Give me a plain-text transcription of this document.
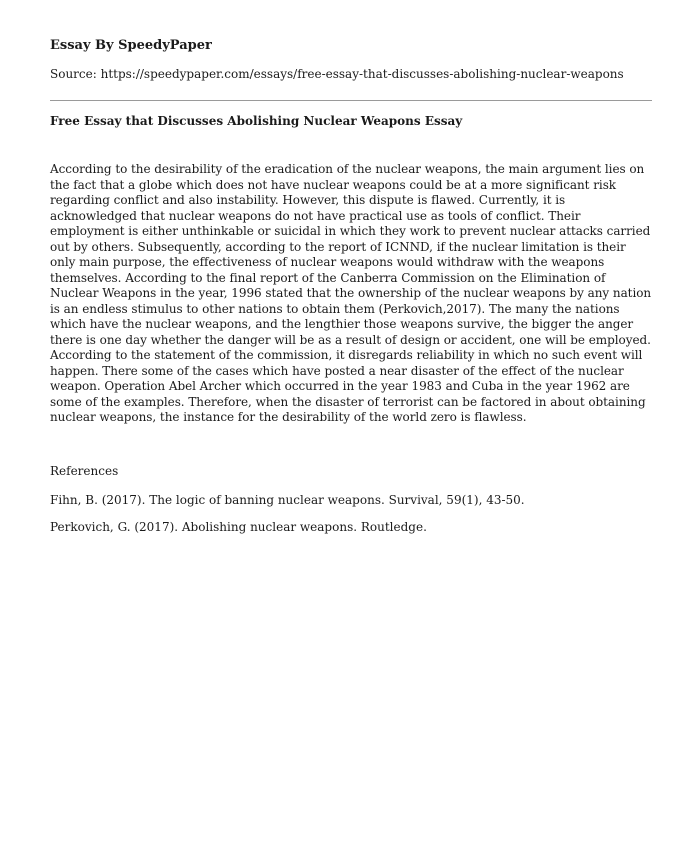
Essay By SpeedyPaper
Source: https://speedypaper.com/essays/free-essay-that-discusses-abolishing-nuclear-weapons
Free Essay that Discusses Abolishing Nuclear Weapons Essay
According to the desirability of the eradication of the nuclear weapons, the main argument lies on the fact that a globe which does not have nuclear weapons could be at a more significant risk regarding conflict and also instability. However, this dispute is flawed. Currently, it is acknowledged that nuclear weapons do not have practical use as tools of conflict. Their employment is either unthinkable or suicidal in which they work to prevent nuclear attacks carried out by others. Subsequently, according to the report of ICNND, if the nuclear limitation is their only main purpose, the effectiveness of nuclear weapons would withdraw with the weapons themselves. According to the final report of the Canberra Commission on the Elimination of Nuclear Weapons in the year, 1996 stated that the ownership of the nuclear weapons by any nation is an endless stimulus to other nations to obtain them (Perkovich,2017). The many the nations which have the nuclear weapons, and the lengthier those weapons survive, the bigger the anger there is one day whether the danger will be as a result of design or accident, one will be employed. According to the statement of the commission, it disregards reliability in which no such event will happen. There some of the cases which have posted a near disaster of the effect of the nuclear weapon. Operation Abel Archer which occurred in the year 1983 and Cuba in the year 1962 are some of the examples. Therefore, when the disaster of terrorist can be factored in about obtaining nuclear weapons, the instance for the desirability of the world zero is flawless.
References
Fihn, B. (2017). The logic of banning nuclear weapons. Survival, 59(1), 43-50.
Perkovich, G. (2017). Abolishing nuclear weapons. Routledge.
